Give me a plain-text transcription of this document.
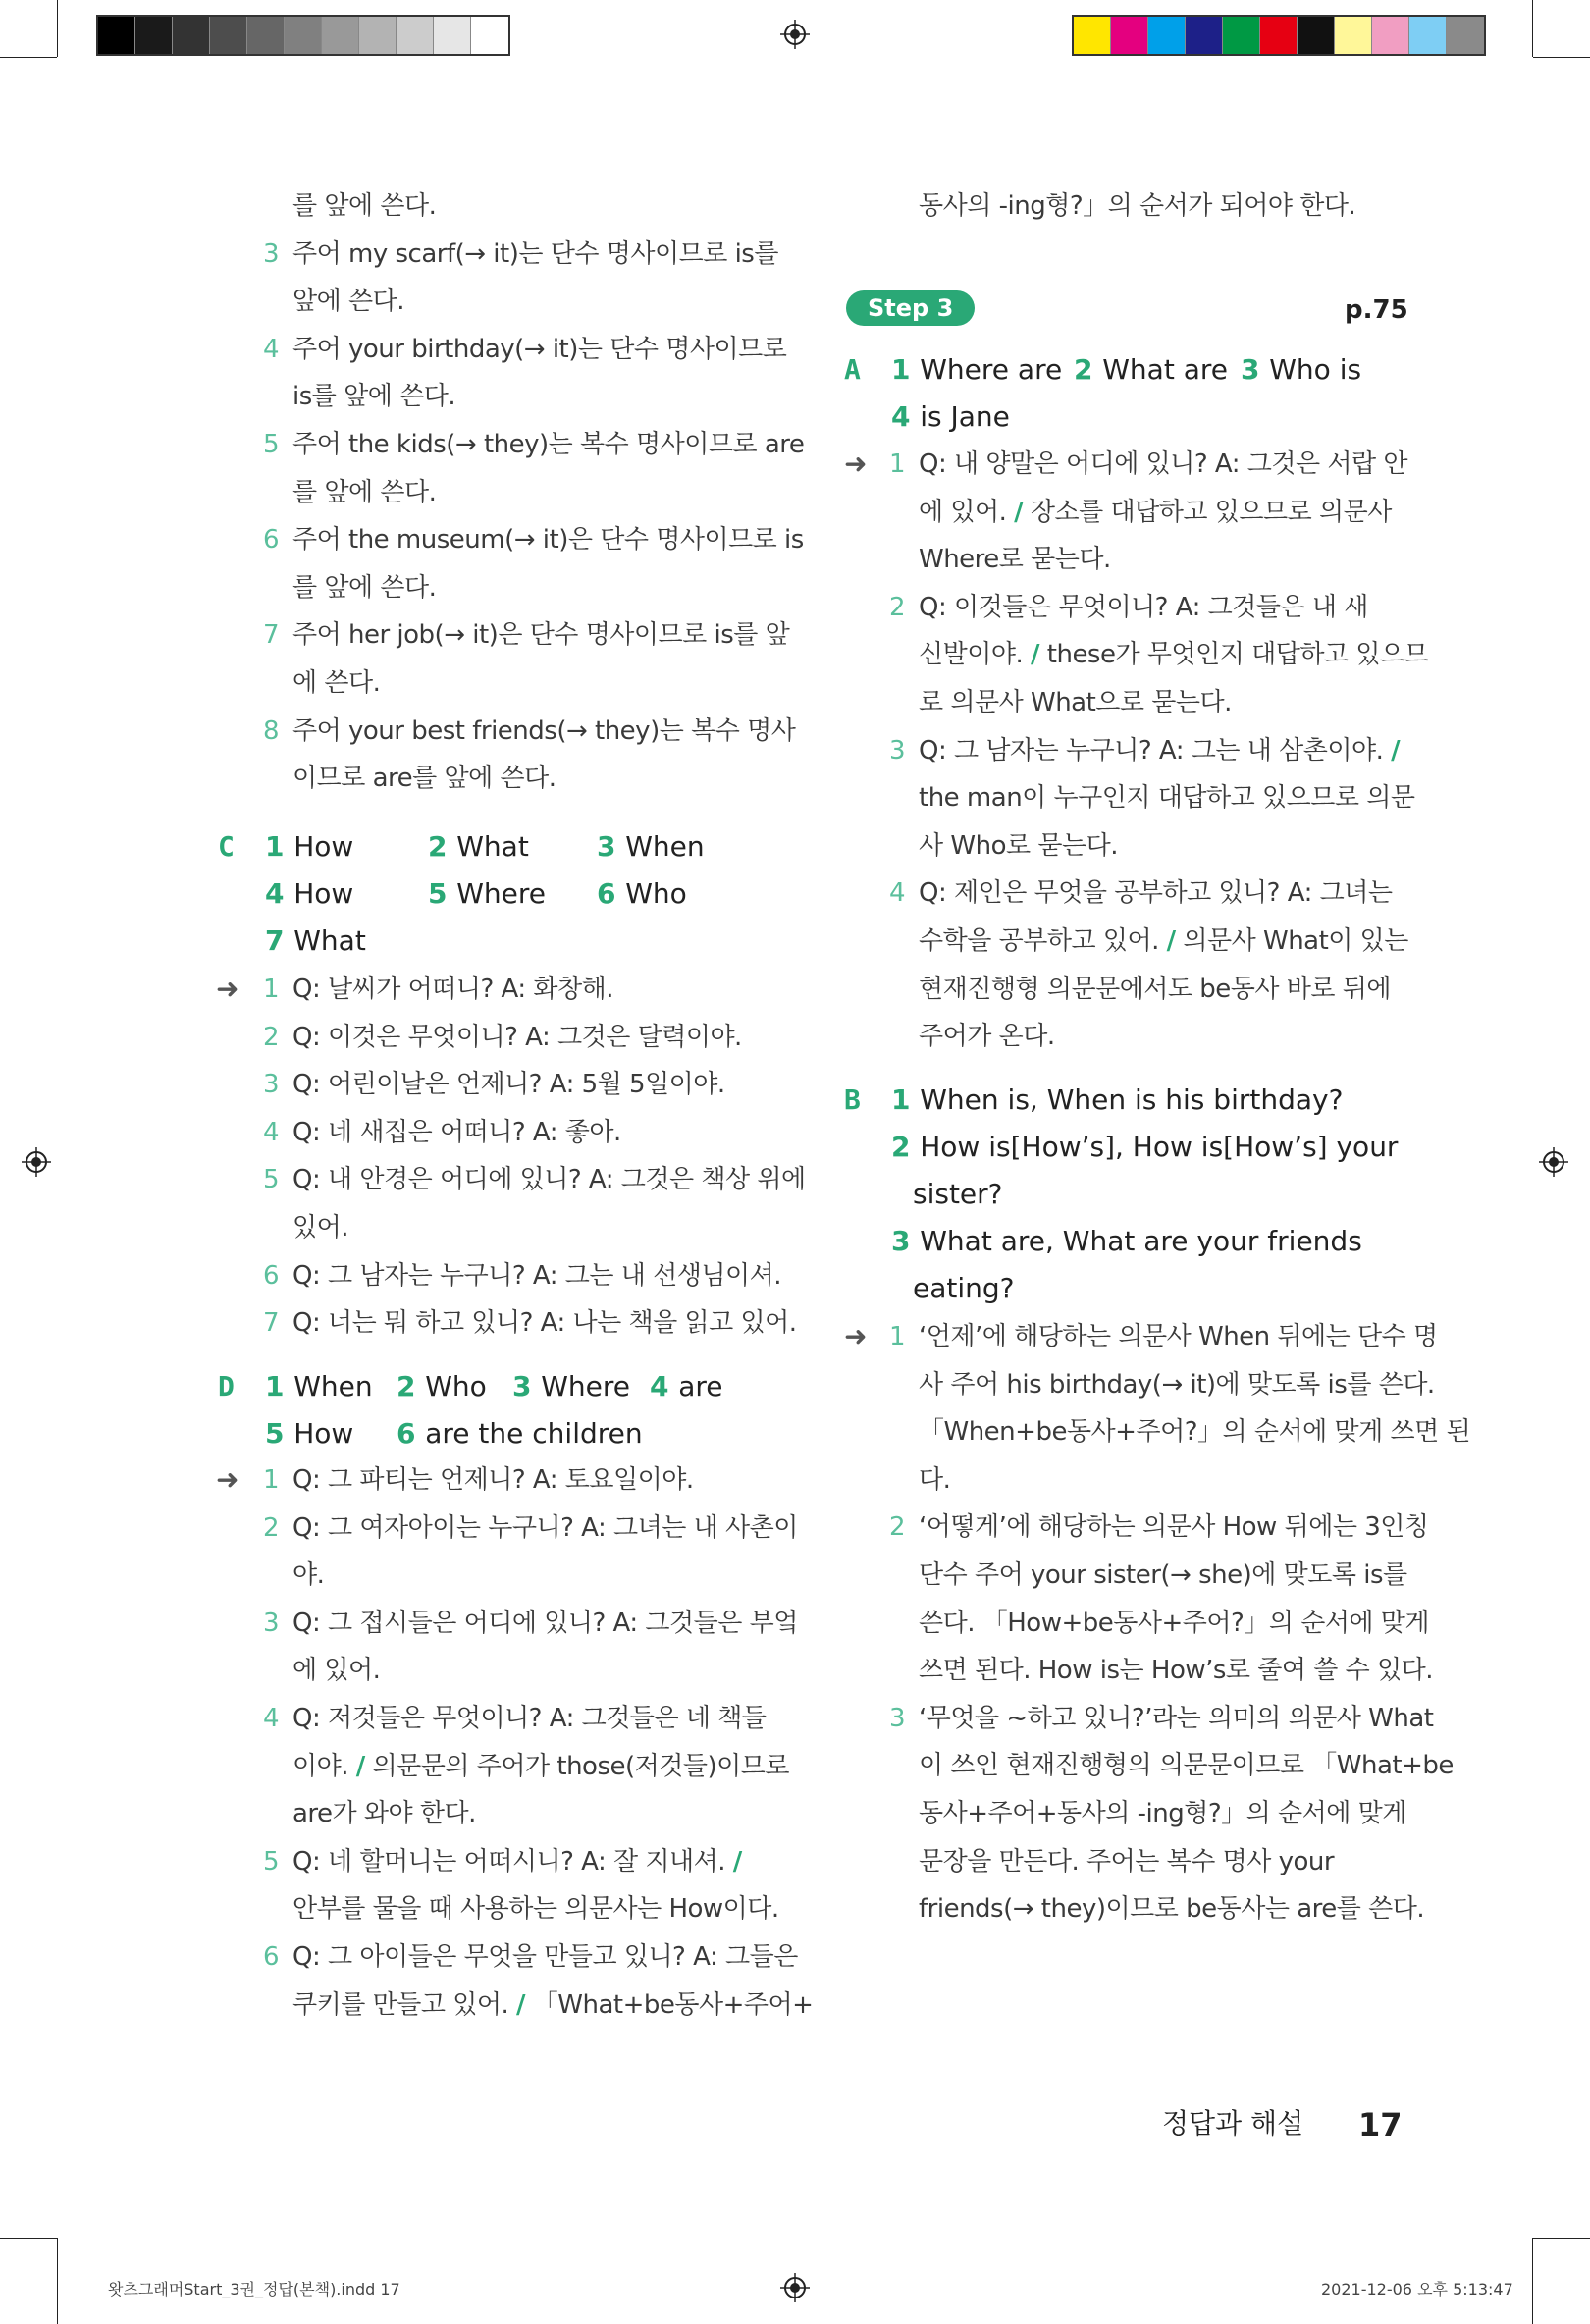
를 앞에 쓴다.
3 주어 my scarf(→ it)는 단수 명사이므로 is를
앞에 쓴다.
4 주어 your birthday(→ it)는 단수 명사이므로
is를 앞에 쓴다.
5 주어 the kids(→ they)는 복수 명사이므로 are
를 앞에 쓴다.
6 주어 the museum(→ it)은 단수 명사이므로 is
를 앞에 쓴다.
7 주어 her job(→ it)은 단수 명사이므로 is를 앞
에 쓴다.
8 주어 your best friends(→ they)는 복수 명사
이므로 are를 앞에 쓴다.
C 1 How	2 What 3 When
4 How	5 Where 6 Who
7 What
➜ 1 Q: 날씨가 어떠니? A: 화창해.
2 Q: 이것은 무엇이니? A: 그것은 달력이야.
3 Q: 어린이날은 언제니? A: 5월 5일이야.
4 Q: 네 새집은 어떠니? A: 좋아.
5 Q: 내 안경은 어디에 있니? A: 그것은 책상 위에
있어.
6 Q: 그 남자는 누구니? A: 그는 내 선생님이셔.
7 Q: 너는 뭐 하고 있니? A: 나는 책을 읽고 있어.
D 1 When 2 Who 3 Where 4 are
5 How 6 are the children
➜ 1 Q: 그 파티는 언제니? A: 토요일이야.
2 Q: 그 여자아이는 누구니? A: 그녀는 내 사촌이
야.
3 Q: 그 접시들은 어디에 있니? A: 그것들은 부엌
에 있어.
4 Q: 저것들은 무엇이니? A: 그것들은 네 책들
이야. / 의문문의 주어가 those(저것들)이므로
are가 와야 한다.
5 Q: 네 할머니는 어떠시니? A: 잘 지내셔. /
안부를 물을 때 사용하는 의문사는 How이다.
6 Q: 그 아이들은 무엇을 만들고 있니? A: 그들은
쿠키를 만들고 있어. / 「What+be동사+주어+
동사의 -ing형?」의 순서가 되어야 한다.
Step 3	p.75
A 1 Where are 2 What are 3 Who is
4 is Jane
➜ 1 Q: 내 양말은 어디에 있니? A: 그것은 서랍 안
에 있어. / 장소를 대답하고 있으므로 의문사
Where로 묻는다.
2 Q: 이것들은 무엇이니? A: 그것들은 내 새
신발이야. / these가 무엇인지 대답하고 있으므
로 의문사 What으로 묻는다.
3 Q: 그 남자는 누구니? A: 그는 내 삼촌이야. /
the man이 누구인지 대답하고 있으므로 의문
사 Who로 묻는다.
4 Q: 제인은 무엇을 공부하고 있니? A: 그녀는
수학을 공부하고 있어. / 의문사 What이 있는
현재진행형 의문문에서도 be동사 바로 뒤에
주어가 온다.
B 1 When is, When is his birthday?
2 How is[How’s], How is[How’s] your
sister?
3 What are, What are your friends
eating?
➜ 1 ‘언제’에 해당하는 의문사 When 뒤에는 단수 명
사 주어 his birthday(→ it)에 맞도록 is를 쓴다.
「When+be동사+주어?」의 순서에 맞게 쓰면 된
다.
2 ‘어떻게’에 해당하는 의문사 How 뒤에는 3인칭
단수 주어 your sister(→ she)에 맞도록 is를
쓴다. 「How+be동사+주어?」의 순서에 맞게
쓰면 된다. How is는 How’s로 줄여 쓸 수 있다.
3 ‘무엇을 ~하고 있니?’라는 의미의 의문사 What
이 쓰인 현재진행형의 의문문이므로 「What+be
동사+주어+동사의 -ing형?」의 순서에 맞게
문장을 만든다. 주어는 복수 명사 your
friends(→ they)이므로 be동사는 are를 쓴다.
정답과 해설 17
왓츠그래머Start_3권_정답(본책).indd 17	2021-12-06 오후 5:13:47
